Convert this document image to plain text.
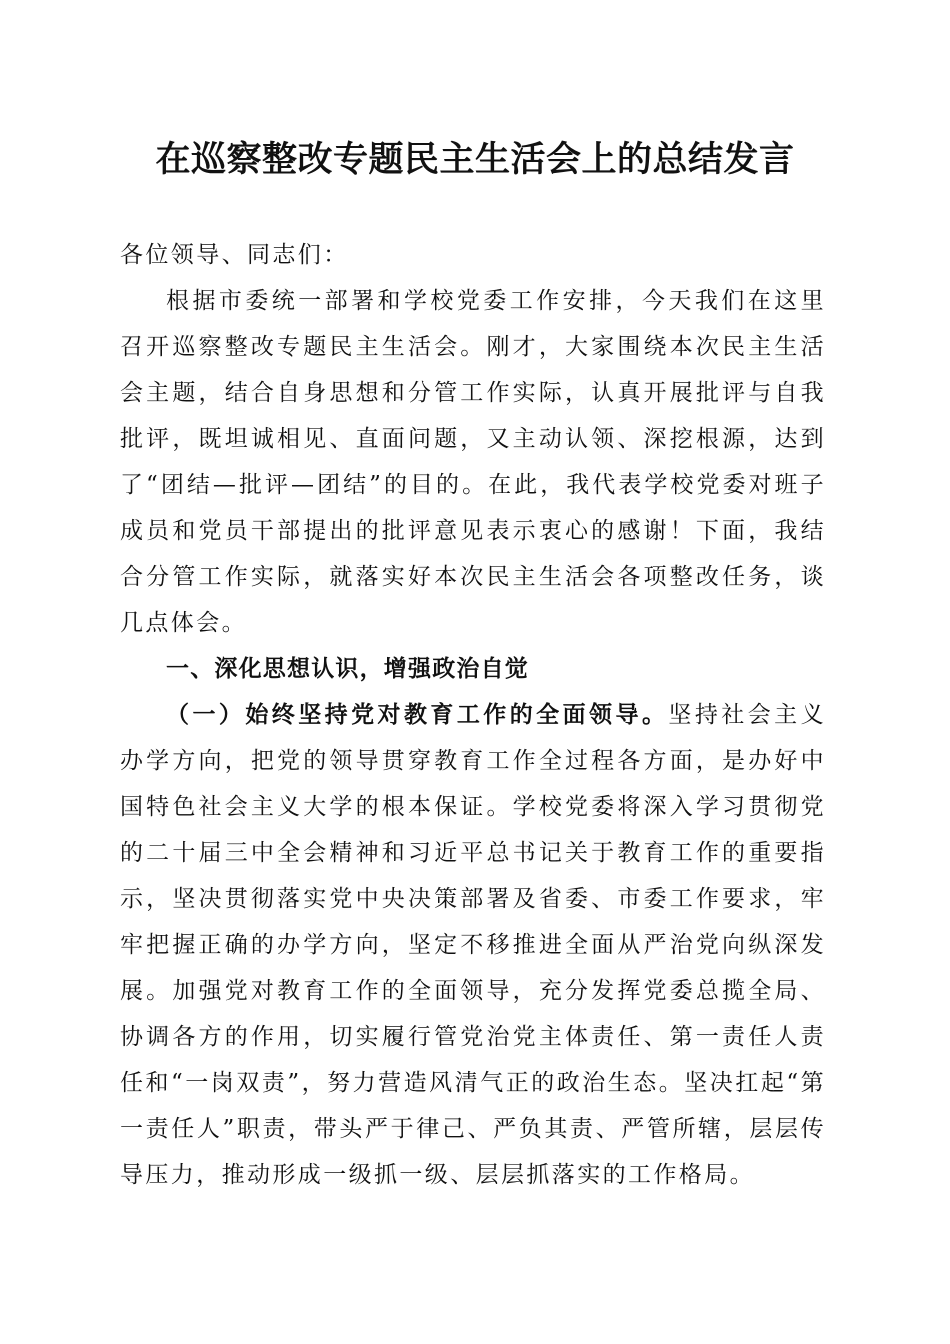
在巡察整改专题民主生活会上的总结发言

各位领导、同志们：

根据市委统一部署和学校党委工作安排，今天我们在这里召开巡察整改专题民主生活会。刚才，大家围绕本次民主生活会主题，结合自身思想和分管工作实际，认真开展批评与自我批评，既坦诚相见、直面问题，又主动认领、深挖根源，达到了“团结—批评—团结”的目的。在此，我代表学校党委对班子成员和党员干部提出的批评意见表示衷心的感谢！下面，我结合分管工作实际，就落实好本次民主生活会各项整改任务，谈几点体会。

一、深化思想认识，增强政治自觉

（一）始终坚持党对教育工作的全面领导。坚持社会主义办学方向，把党的领导贯穿教育工作全过程各方面，是办好中国特色社会主义大学的根本保证。学校党委将深入学习贯彻党的二十届三中全会精神和习近平总书记关于教育工作的重要指示，坚决贯彻落实党中央决策部署及省委、市委工作要求，牢牢把握正确的办学方向，坚定不移推进全面从严治党向纵深发展。加强党对教育工作的全面领导，充分发挥党委总揽全局、协调各方的作用，切实履行管党治党主体责任、第一责任人责任和“一岗双责”，努力营造风清气正的政治生态。坚决扛起“第一责任人”职责，带头严于律己、严负其责、严管所辖，层层传导压力，推动形成一级抓一级、层层抓落实的工作格局。
